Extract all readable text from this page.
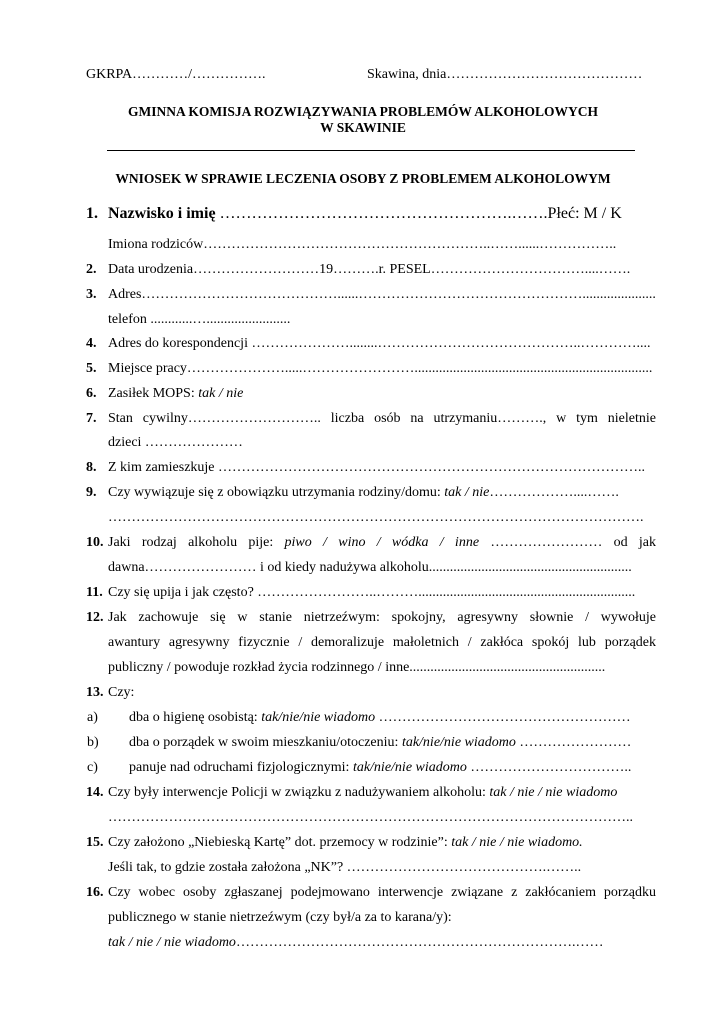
GKRPA…………/…………….	Skawina, dnia……………………………………
GMINNA KOMISJA ROZWIĄZYWANIA PROBLEMÓW ALKOHOLOWYCH
W SKAWINIE
WNIOSEK W SPRAWIE LECZENIA OSOBY Z PROBLEMEM ALKOHOLOWYM
1. Nazwisko i imię ……………………………………………….…….Płeć: M / K
Imiona rodziców……………………………………………………..……......……………..
2. Data urodzenia………………………19……….r. PESEL……………………………....…….
3. Adres……………………………………......………………………………………….....................
telefon ............…........................
4. Adres do korespondencji …………………........……………………………………..…………....
5. Miejsce pracy………………….....……………………....................................................................
6. Zasiłek MOPS: tak / nie
7. Stan cywilny……………………….. liczba osób na utrzymaniu………., w tym nieletnie
dzieci …………………
8. Z kim zamieszkuje ………………………………………………………………………………..
9. Czy wywiązuje się z obowiązku utrzymania rodziny/domu: tak / nie………………....…….
…………………………………………………………………………………………………….
10. Jaki rodzaj alkoholu pije: piwo / wino / wódka / inne …………………… od jak
dawna…………………… i od kiedy nadużywa alkoholu..........................................................
11. Czy się upija i jak często? ……………………..………..............................................................
12. Jak zachowuje się w stanie nietrzeźwym: spokojny, agresywny słownie / wywołuje
awantury agresywny fizycznie / demoralizuje małoletnich / zakłóca spokój lub porządek
publiczny / powoduje rozkład życia rodzinnego / inne........................................................
13. Czy:
a) dba o higienę osobistą: tak/nie/nie wiadomo ………………………………………………
b) dba o porządek w swoim mieszkaniu/otoczeniu: tak/nie/nie wiadomo ……………………
c) panuje nad odruchami fizjologicznymi: tak/nie/nie wiadomo ……………………………..
14. Czy były interwencje Policji w związku z nadużywaniem alkoholu: tak / nie / nie wiadomo
…………………………………………………………………………………………………..
15. Czy założono „Niebieską Kartę” dot. przemocy w rodzinie”: tak / nie / nie wiadomo.
Jeśli tak, to gdzie została założona „NK”? …………………………………….……..
16. Czy wobec osoby zgłaszanej podejmowano interwencje związane z zakłócaniem porządku
publicznego w stanie nietrzeźwym (czy był/a za to karana/y):
tak / nie / nie wiadomo……………………………………………………………….……
